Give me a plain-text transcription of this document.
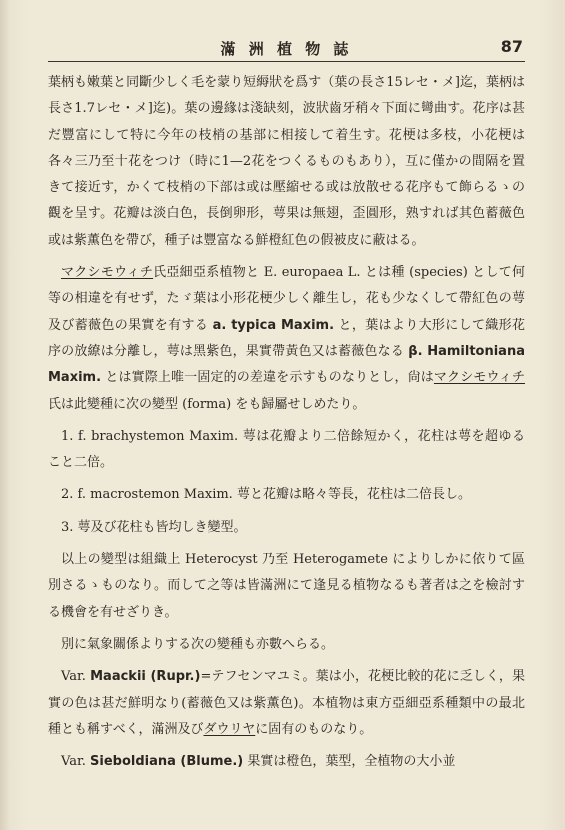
滿 洲 植 物 誌	87

葉柄も嫩葉と同斷少しく毛を蒙り短縟狀を爲す（葉の長さ15レセ・メ]迄，葉柄は長さ1.7レセ・メ]迄)。葉の邊緣は淺缺刻，波狀齒牙稍々下面に彎曲す。花序は甚だ豐富にして特に今年の枝梢の基部に相接して着生す。花梗は多枝，小花梗は各々三乃至十花をつけ（時に1—2花をつくるものもあり），互に僅かの間隔を置きて接近す，かくて枝梢の下部は或は壓縮せる或は放散せる花序もて飾らるゝの觀を呈す。花瓣は淡白色，長倒卵形，萼果は無翅，歪圓形，熟すれば其色蓄薇色或は紫薫色を帶び，種子は豐富なる鮮橙紅色の假被皮に蔽はる。

マクシモウィチ氏亞細亞系植物と E. europaea L. とは種 (species) として何等の相違を有せず，たゞ葉は小形花梗少しく離生し，花も少なくして帶紅色の萼及び蓄薇色の果實を有する a. typica Maxim. と，葉はより大形にして織形花序の放繚は分離し，萼は黑紫色，果實帶黃色又は蓄薇色なる β. Hamiltoniana Maxim. とは實際上唯一固定的の差違を示すものなりとし，尙はマクシモウィチ氏は此變種に次の變型 (forma) をも歸屬せしめたり。

1. f. brachystemon Maxim. 萼は花瓣より二倍餘短かく，花柱は萼を超ゆること二倍。

2. f. macrostemon Maxim. 萼と花瓣は略々等長，花柱は二倍長し。

3. 萼及び花柱も皆均しき變型。

以上の變型は組織上 Heterocyst 乃至 Heterogamete によりしかに依りて區別さるゝものなり。而して之等は皆滿洲にて逢見る植物なるも著者は之を檢討する機會を有せざりき。

別に氣象關係よりする次の變種も亦數へらる。

Var. Maackii (Rupr.)=テフセンマユミ。葉は小，花梗比較的花に乏しく，果實の色は甚だ鮮明なり(蓄薇色又は紫薫色)。本植物は東方亞細亞系種類中の最北種とも稱すべく，滿洲及びダウリヤに固有のものなり。

Var. Sieboldiana (Blume.) 果實は橙色，葉型，全植物の大小並
